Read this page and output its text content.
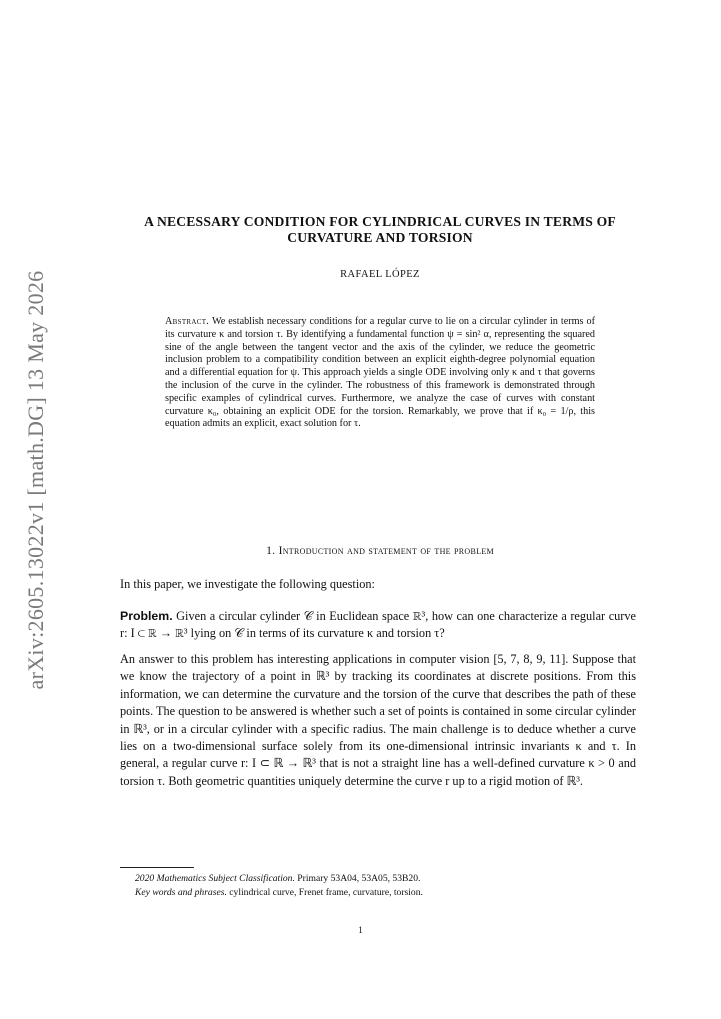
arXiv:2605.13022v1 [math.DG] 13 May 2026
A NECESSARY CONDITION FOR CYLINDRICAL CURVES IN TERMS OF CURVATURE AND TORSION
RAFAEL LÓPEZ
Abstract. We establish necessary conditions for a regular curve to lie on a circular cylinder in terms of its curvature κ and torsion τ. By identifying a fundamental function ψ = sin² α, representing the squared sine of the angle between the tangent vector and the axis of the cylinder, we reduce the geometric inclusion problem to a compatibility condition between an explicit eighth-degree polynomial equation and a differential equation for ψ. This approach yields a single ODE involving only κ and τ that governs the inclusion of the curve in the cylinder. The robustness of this framework is demonstrated through specific examples of cylindrical curves. Furthermore, we analyze the case of curves with constant curvature κ₀, obtaining an explicit ODE for the torsion. Remarkably, we prove that if κ₀ = 1/ρ, this equation admits an explicit, exact solution for τ.
1. Introduction and statement of the problem
In this paper, we investigate the following question:
Problem. Given a circular cylinder 𝒞 in Euclidean space ℝ³, how can one characterize a regular curve r: I ⊂ ℝ → ℝ³ lying on 𝒞 in terms of its curvature κ and torsion τ?
An answer to this problem has interesting applications in computer vision [5, 7, 8, 9, 11]. Suppose that we know the trajectory of a point in ℝ³ by tracking its coordinates at discrete positions. From this information, we can determine the curvature and the torsion of the curve that describes the path of these points. The question to be answered is whether such a set of points is contained in some circular cylinder in ℝ³, or in a circular cylinder with a specific radius. The main challenge is to deduce whether a curve lies on a two-dimensional surface solely from its one-dimensional intrinsic invariants κ and τ. In general, a regular curve r: I ⊂ ℝ → ℝ³ that is not a straight line has a well-defined curvature κ > 0 and torsion τ. Both geometric quantities uniquely determine the curve r up to a rigid motion of ℝ³.
2020 Mathematics Subject Classification. Primary 53A04, 53A05, 53B20.
Key words and phrases. cylindrical curve, Frenet frame, curvature, torsion.
1
